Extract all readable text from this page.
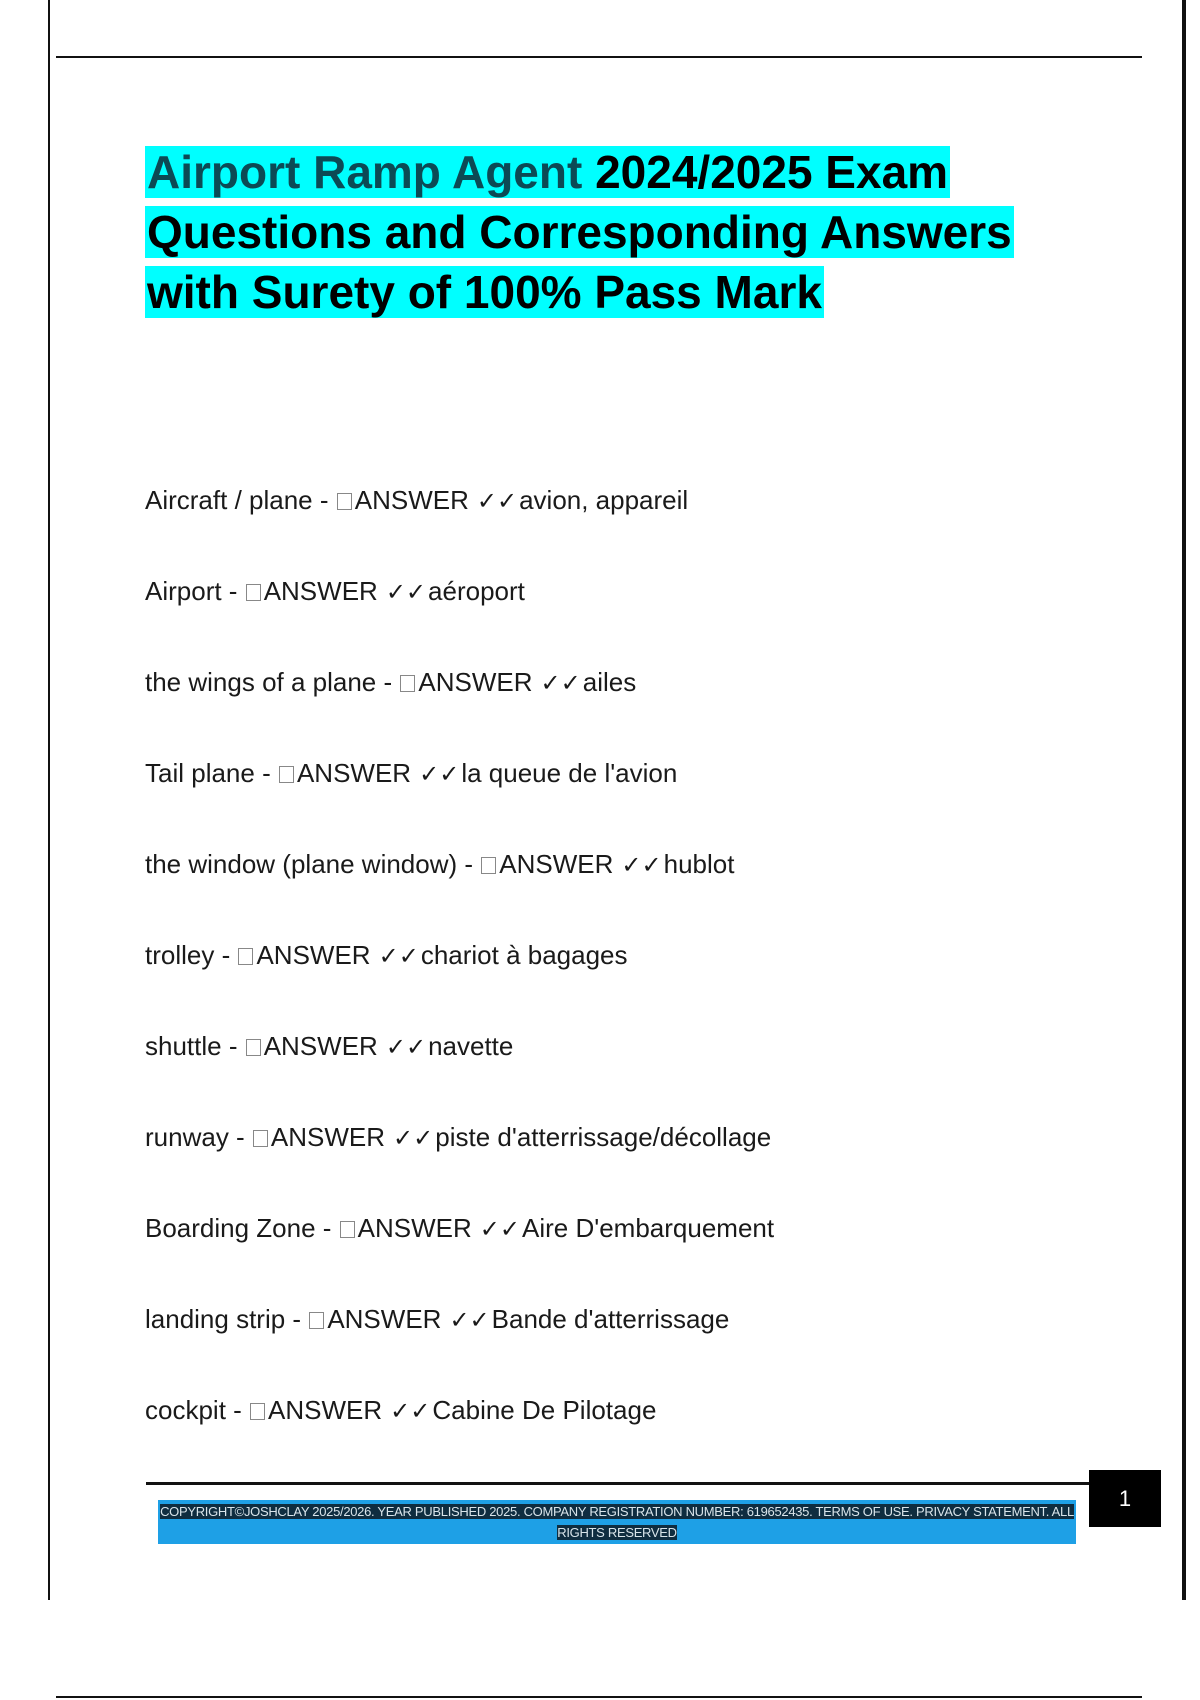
Airport Ramp Agent 2024/2025 Exam Questions and Corresponding Answers with Surety of 100% Pass Mark
Aircraft / plane - ANSWER ✓✓avion, appareil
Airport - ANSWER ✓✓aéroport
the wings of a plane - ANSWER ✓✓ailes
Tail plane - ANSWER ✓✓la queue de l'avion
the window (plane window) - ANSWER ✓✓hublot
trolley - ANSWER ✓✓chariot à bagages
shuttle - ANSWER ✓✓navette
runway - ANSWER ✓✓piste d'atterrissage/décollage
Boarding Zone - ANSWER ✓✓Aire D'embarquement
landing strip - ANSWER ✓✓Bande d'atterrissage
cockpit - ANSWER ✓✓Cabine De Pilotage
1
COPYRIGHT©JOSHCLAY 2025/2026. YEAR PUBLISHED 2025. COMPANY REGISTRATION NUMBER: 619652435. TERMS OF USE. PRIVACY STATEMENT. ALL RIGHTS RESERVED
